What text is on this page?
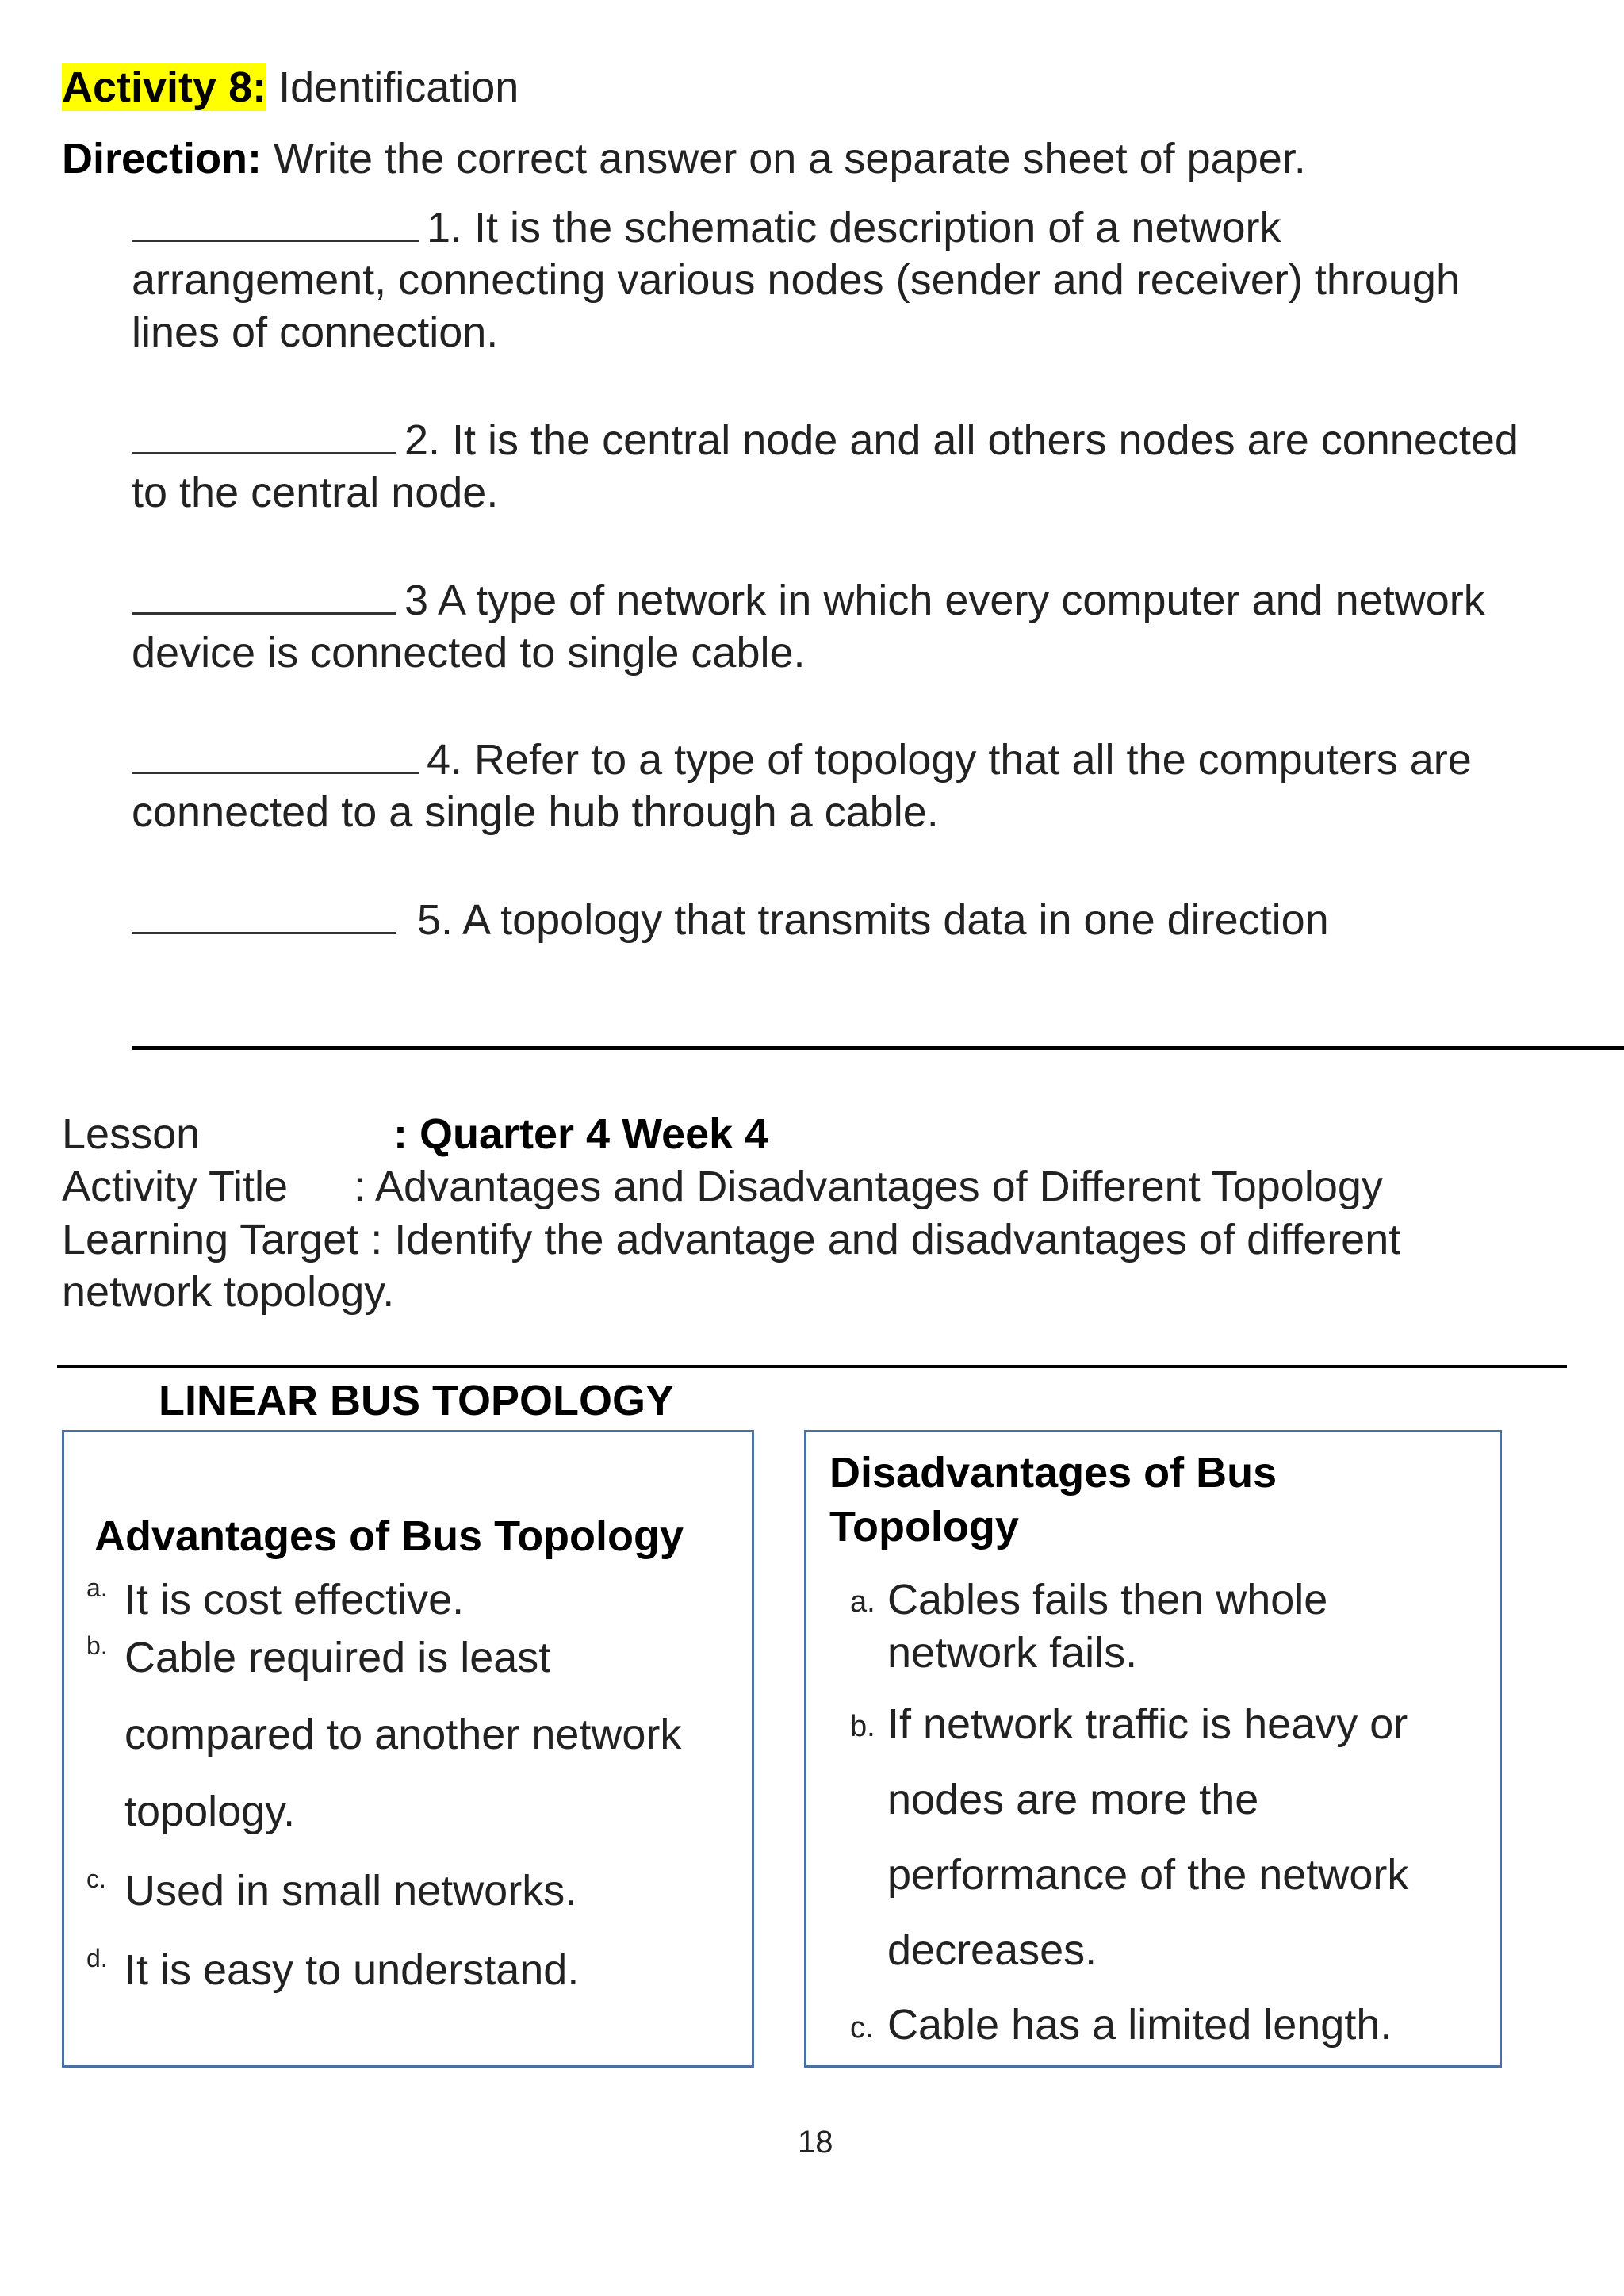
Activity 8: Identification
Direction: Write the correct answer on a separate sheet of paper.
1. It is the schematic description of a network
arrangement, connecting various nodes (sender and receiver) through
lines of connection.
2. It is the central node and all others nodes are connected
to the central node.
3 A type of network in which every computer and network
device is connected to single cable.
4. Refer to a type of topology that all the computers are
connected to a single hub through a cable.
5. A topology that transmits data in one direction
Lesson	: Quarter 4 Week 4
Activity Title : Advantages and Disadvantages of Different Topology
Learning Target : Identify the advantage and disadvantages of different
network topology.
LINEAR BUS TOPOLOGY
Advantages of Bus Topology
a. It is cost effective.
b. Cable required is least
compared to another network
topology.
c. Used in small networks.
d. It is easy to understand.
Disadvantages of Bus
Topology
a. Cables fails then whole
network fails.
b. If network traffic is heavy or
nodes are more the
performance of the network
decreases.
c. Cable has a limited length.
18
